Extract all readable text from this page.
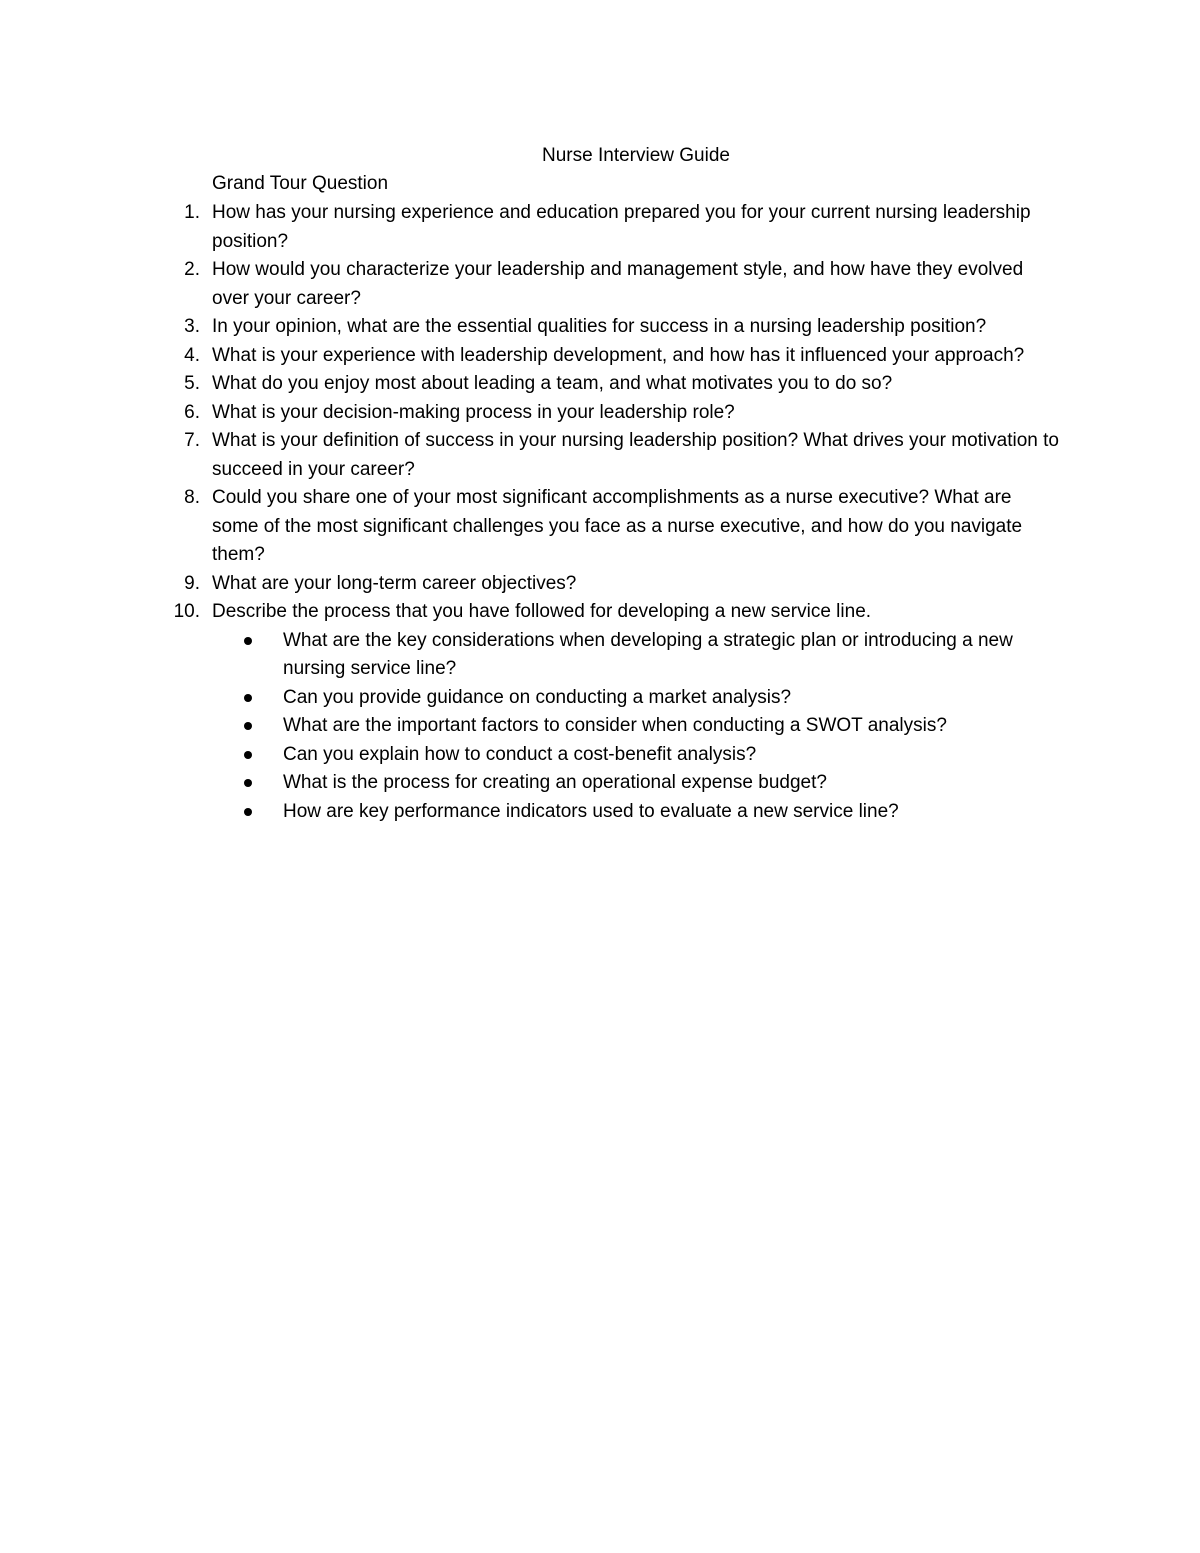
Nurse Interview Guide

Grand Tour Question

1. How has your nursing experience and education prepared you for your current nursing leadership position?
2. How would you characterize your leadership and management style, and how have they evolved over your career?
3. In your opinion, what are the essential qualities for success in a nursing leadership position?
4. What is your experience with leadership development, and how has it influenced your approach?
5. What do you enjoy most about leading a team, and what motivates you to do so?
6. What is your decision-making process in your leadership role?
7. What is your definition of success in your nursing leadership position? What drives your motivation to succeed in your career?
8. Could you share one of your most significant accomplishments as a nurse executive? What are some of the most significant challenges you face as a nurse executive, and how do you navigate them?
9. What are your long-term career objectives?
10. Describe the process that you have followed for developing a new service line.
What are the key considerations when developing a strategic plan or introducing a new nursing service line?
Can you provide guidance on conducting a market analysis?
What are the important factors to consider when conducting a SWOT analysis?
Can you explain how to conduct a cost-benefit analysis?
What is the process for creating an operational expense budget?
How are key performance indicators used to evaluate a new service line?
